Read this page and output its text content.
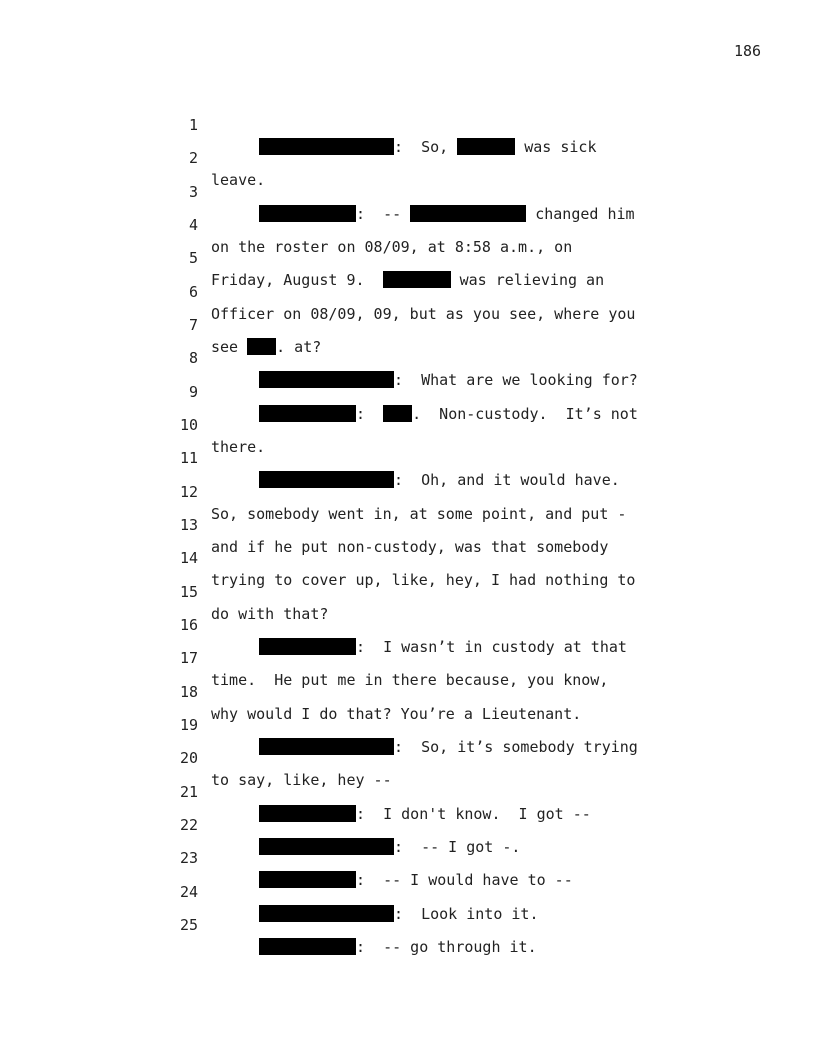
186

1

:  So,	was sick

2

leave.

3

:  --	changed him

4

on the roster on 08/09, at 8:58 a.m., on

5

Friday, August 9.	was relieving an

6

Officer on 08/09, 09, but as you see, where you

7

see . at?

8

:  What are we looking for?

9

:  .  Non-custody.  It’s not

10

there.

11

:  Oh, and it would have.

12

So, somebody went in, at some point, and put -

13

and if he put non-custody, was that somebody

14

trying to cover up, like, hey, I had nothing to

15

do with that?

16

:  I wasn’t in custody at that

17

time.  He put me in there because, you know,

18

why would I do that? You’re a Lieutenant.

19

:  So, it’s somebody trying

20

to say, like, hey --

21

:  I don't know.  I got --

22

:  -- I got -.

23

:  -- I would have to --

24

:  Look into it.

25

:  -- go through it.
